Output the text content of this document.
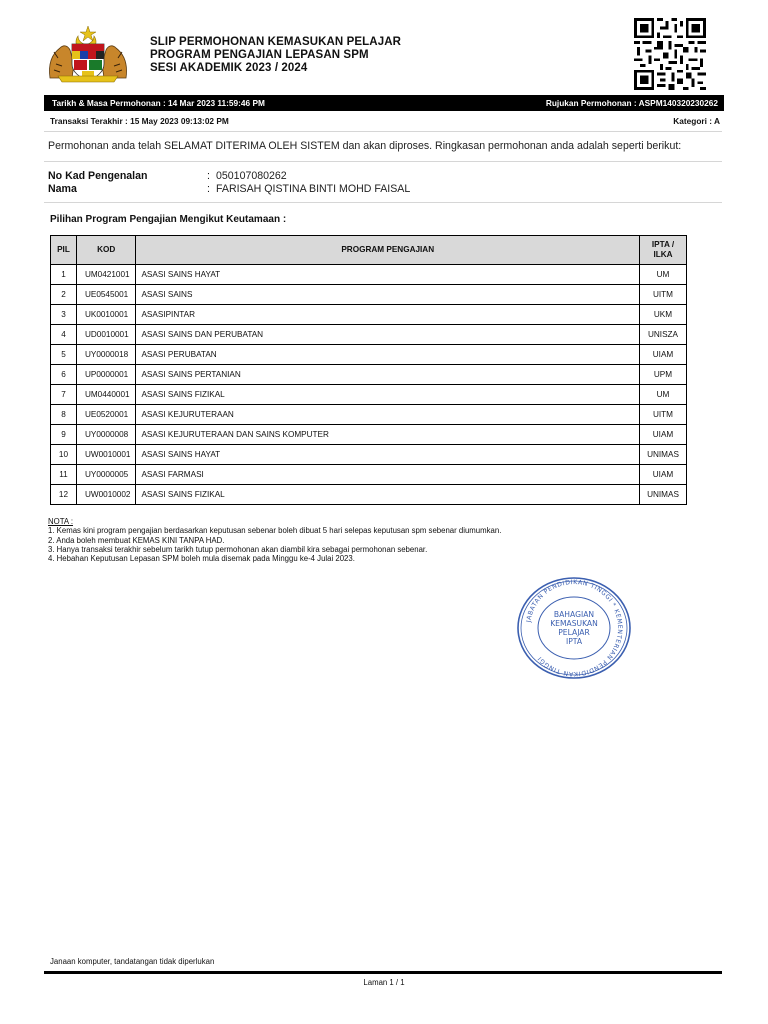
SLIP PERMOHONAN KEMASUKAN PELAJAR
PROGRAM PENGAJIAN LEPASAN SPM
SESI AKADEMIK 2023 / 2024
Tarikh & Masa Permohonan : 14 Mar 2023 11:59:46 PM	Rujukan Permohonan : ASPM140320230262
Transaksi Terakhir : 15 May 2023 09:13:02 PM	Kategori : A
Permohonan anda telah SELAMAT DITERIMA OLEH SISTEM dan akan diproses. Ringkasan permohonan anda adalah seperti berikut:
No Kad Pengenalan	: 050107080262
Nama	: FARISAH QISTINA BINTI MOHD FAISAL
Pilihan Program Pengajian Mengikut Keutamaan :
PIL	KOD	PROGRAM PENGAJIAN	IPTA /
ILKA

1	UM0421001	ASASI SAINS HAYAT	UM
2	UE0545001	ASASI SAINS	UITM
3	UK0010001	ASASIPINTAR	UKM
4	UD0010001	ASASI SAINS DAN PERUBATAN	UNISZA
5	UY0000018	ASASI PERUBATAN	UIAM
6	UP0000001	ASASI SAINS PERTANIAN	UPM
7	UM0440001	ASASI SAINS FIZIKAL	UM
8	UE0520001	ASASI KEJURUTERAAN	UITM
9	UY0000008	ASASI KEJURUTERAAN DAN SAINS KOMPUTER	UIAM
10	UW0010001	ASASI SAINS HAYAT	UNIMAS
11	UY0000005	ASASI FARMASI	UIAM
12	UW0010002	ASASI SAINS FIZIKAL	UNIMAS
NOTA :
1. Kemas kini program pengajian berdasarkan keputusan sebenar boleh dibuat 5 hari selepas keputusan spm sebenar diumumkan.
2. Anda boleh membuat KEMAS KINI TANPA HAD.
3. Hanya transaksi terakhir sebelum tarikh tutup permohonan akan diambil kira sebagai permohonan sebenar.
4. Hebahan Keputusan Lepasan SPM boleh mula disemak pada Minggu ke-4 Julai 2023.
JABATAN PENDIDIKAN TINGGI * KEMENTERIAN PENDIDIKAN TINGGI
BAHAGIAN
KEMASUKAN
PELAJAR
IPTA
Janaan komputer, tandatangan tidak diperlukan
Laman 1 / 1
